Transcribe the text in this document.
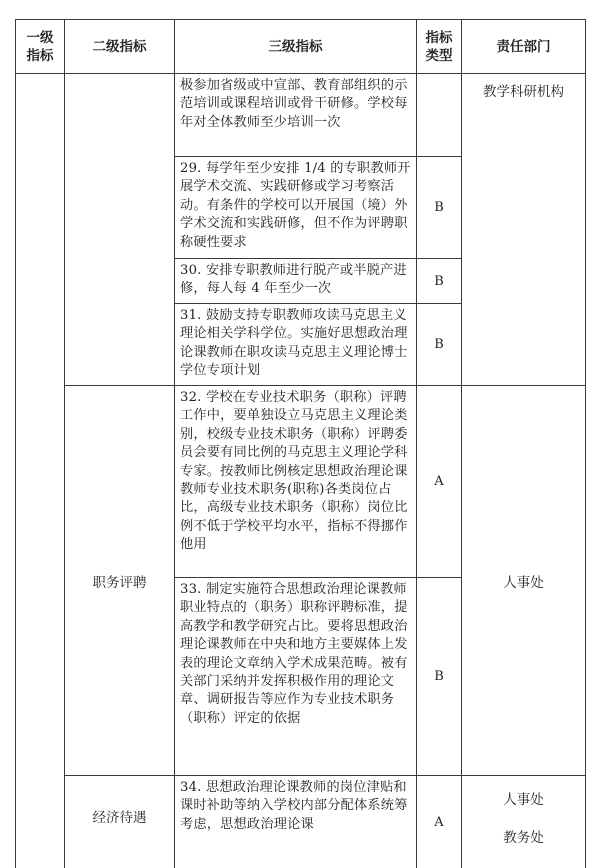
一级
指标
二级指标	三级指标
指标
类型
责任部门
极参加省级或中宣部、教育部组织的示范培训或课程培训或骨干研修。学校每年对全体教师至少培训一次
29. 每学年至少安排 1/4 的专职教师开展学术交流、实践研修或学习考察活动。有条件的学校可以开展国（境）外学术交流和实践研修，但不作为评聘职称硬性要求
30. 安排专职教师进行脱产或半脱产进修，每人每 4 年至少一次
31. 鼓励支持专职教师攻读马克思主义理论相关学科学位。实施好思想政治理论课教师在职攻读马克思主义理论博士学位专项计划
32. 学校在专业技术职务（职称）评聘工作中，要单独设立马克思主义理论类别，校级专业技术职务（职称）评聘委员会要有同比例的马克思主义理论学科专家。按教师比例核定思想政治理论课教师专业技术职务(职称)各类岗位占比，高级专业技术职务（职称）岗位比例不低于学校平均水平，指标不得挪作他用
33. 制定实施符合思想政治理论课教师职业特点的（职务）职称评聘标准，提高教学和教学研究占比。要将思想政治理论课教师在中央和地方主要媒体上发表的理论文章纳入学术成果范畴。被有关部门采纳并发挥积极作用的理论文章、调研报告等应作为专业技术职务（职称）评定的依据
34. 思想政治理论课教师的岗位津贴和课时补助等纳入学校内部分配体系统筹考虑，思想政治理论课
B
B
B
A
B
A
职务评聘
经济待遇
教学科研机构
人事处
人事处
教务处
